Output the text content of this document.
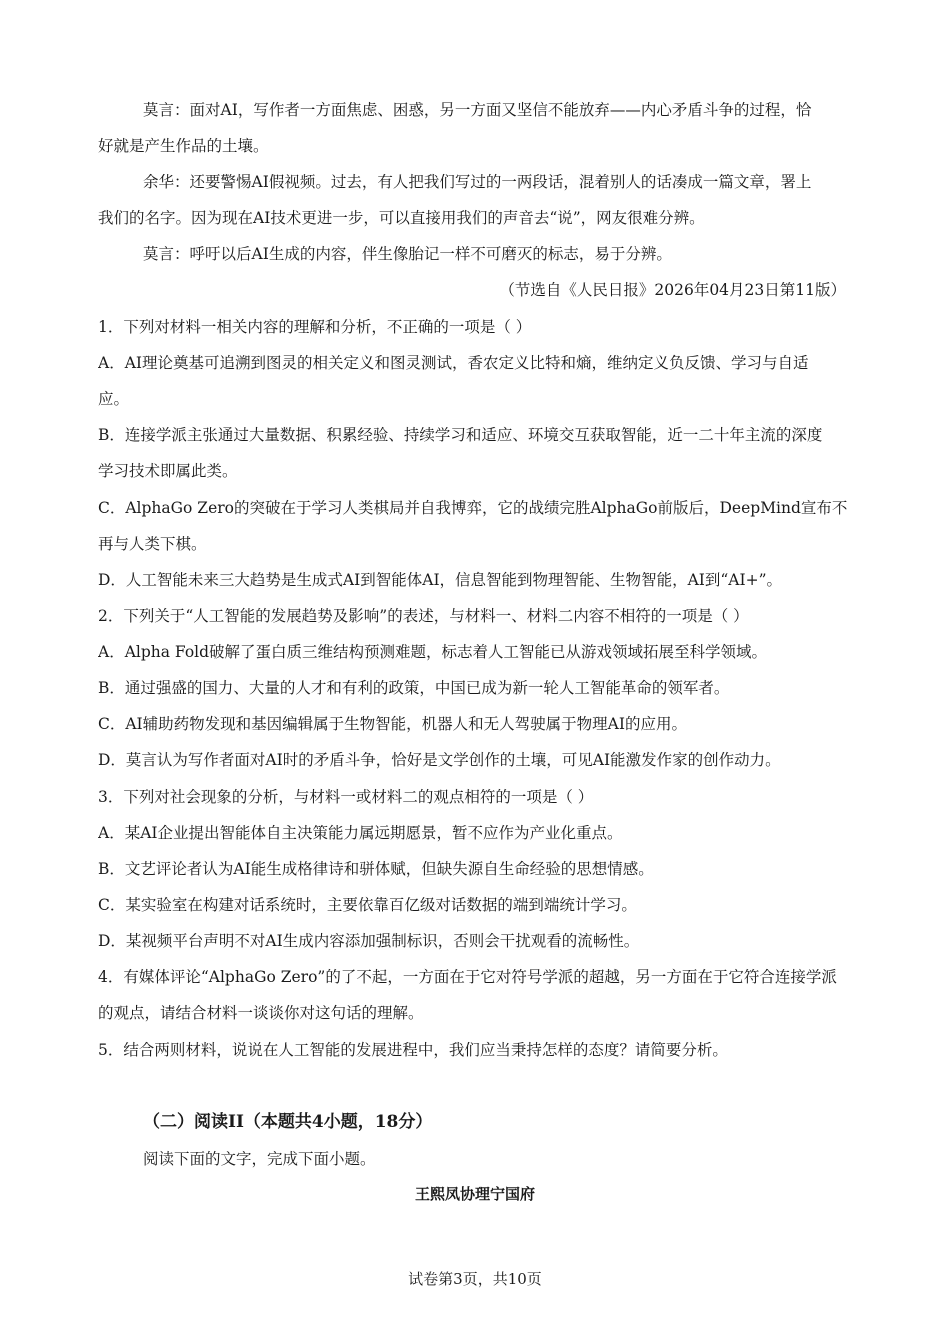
莫言：面对AI，写作者一方面焦虑、困惑，另一方面又坚信不能放弃——内心矛盾斗争的过程，恰
好就是产生作品的土壤。
余华：还要警惕AI假视频。过去，有人把我们写过的一两段话，混着别人的话凑成一篇文章，署上
我们的名字。因为现在AI技术更进一步，可以直接用我们的声音去“说”，网友很难分辨。
莫言：呼吁以后AI生成的内容，伴生像胎记一样不可磨灭的标志，易于分辨。
（节选自《人民日报》2026年04月23日第11版）
1．下列对材料一相关内容的理解和分析，不正确的一项是（ ）
A．AI理论奠基可追溯到图灵的相关定义和图灵测试，香农定义比特和熵，维纳定义负反馈、学习与自适
应。
B．连接学派主张通过大量数据、积累经验、持续学习和适应、环境交互获取智能，近一二十年主流的深度
学习技术即属此类。
C．AlphaGo Zero的突破在于学习人类棋局并自我博弈，它的战绩完胜AlphaGo前版后，DeepMind宣布不
再与人类下棋。
D．人工智能未来三大趋势是生成式AI到智能体AI，信息智能到物理智能、生物智能，AI到“AI+”。
2．下列关于“人工智能的发展趋势及影响”的表述，与材料一、材料二内容不相符的一项是（ ）
A．Alpha Fold破解了蛋白质三维结构预测难题，标志着人工智能已从游戏领域拓展至科学领域。
B．通过强盛的国力、大量的人才和有利的政策，中国已成为新一轮人工智能革命的领军者。
C．AI辅助药物发现和基因编辑属于生物智能，机器人和无人驾驶属于物理AI的应用。
D．莫言认为写作者面对AI时的矛盾斗争，恰好是文学创作的土壤，可见AI能激发作家的创作动力。
3．下列对社会现象的分析，与材料一或材料二的观点相符的一项是（ ）
A．某AI企业提出智能体自主决策能力属远期愿景，暂不应作为产业化重点。
B．文艺评论者认为AI能生成格律诗和骈体赋，但缺失源自生命经验的思想情感。
C．某实验室在构建对话系统时，主要依靠百亿级对话数据的端到端统计学习。
D．某视频平台声明不对AI生成内容添加强制标识，否则会干扰观看的流畅性。
4．有媒体评论“AlphaGo Zero”的了不起，一方面在于它对符号学派的超越，另一方面在于它符合连接学派
的观点，请结合材料一谈谈你对这句话的理解。
5．结合两则材料，说说在人工智能的发展进程中，我们应当秉持怎样的态度？请简要分析。
（二）阅读II（本题共4小题，18分）
阅读下面的文字，完成下面小题。
王熙凤协理宁国府
试卷第3页，共10页
